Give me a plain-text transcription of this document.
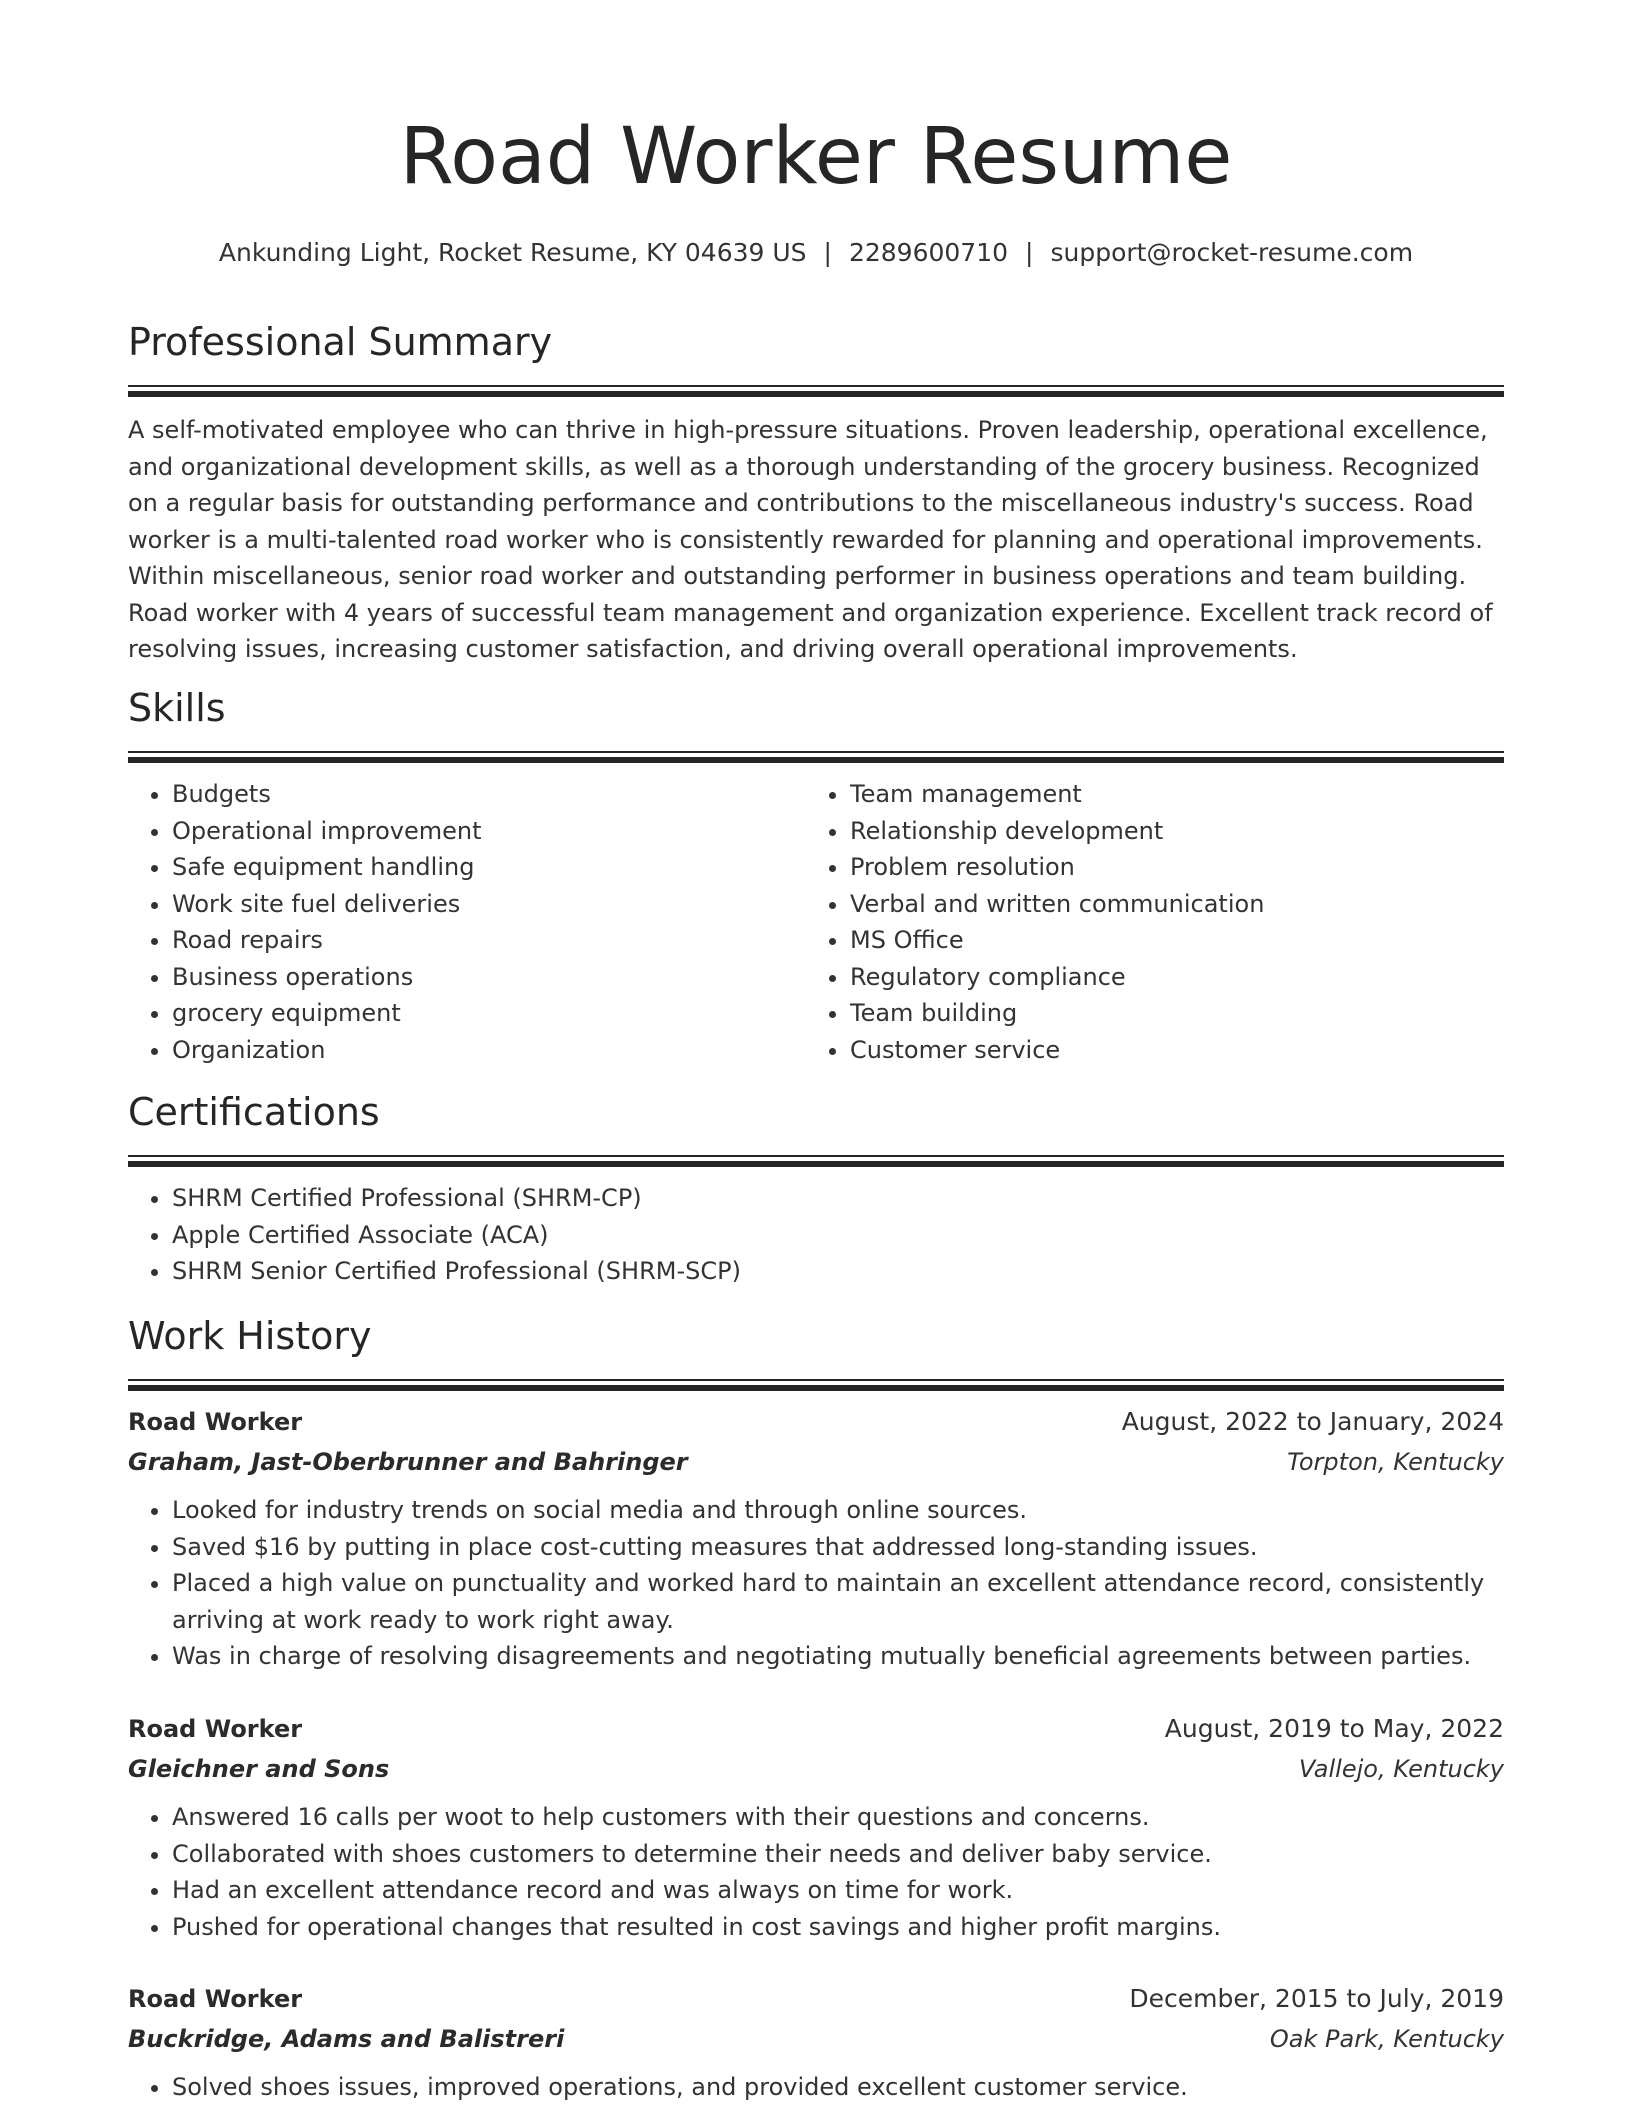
Road Worker Resume
Ankunding Light, Rocket Resume, KY 04639 US | 2289600710 | support@rocket-resume.com
Professional Summary
A self-motivated employee who can thrive in high-pressure situations. Proven leadership, operational excellence, and organizational development skills, as well as a thorough understanding of the grocery business. Recognized on a regular basis for outstanding performance and contributions to the miscellaneous industry's success. Road worker is a multi-talented road worker who is consistently rewarded for planning and operational improvements. Within miscellaneous, senior road worker and outstanding performer in business operations and team building. Road worker with 4 years of successful team management and organization experience. Excellent track record of resolving issues, increasing customer satisfaction, and driving overall operational improvements.
Skills
• Budgets
• Operational improvement
• Safe equipment handling
• Work site fuel deliveries
• Road repairs
• Business operations
• grocery equipment
• Organization
• Team management
• Relationship development
• Problem resolution
• Verbal and written communication
• MS Office
• Regulatory compliance
• Team building
• Customer service
Certifications
• SHRM Certified Professional (SHRM-CP)
• Apple Certified Associate (ACA)
• SHRM Senior Certified Professional (SHRM-SCP)
Work History
Road Worker	August, 2022 to January, 2024
Graham, Jast-Oberbrunner and Bahringer	Torpton, Kentucky
• Looked for industry trends on social media and through online sources.
• Saved $16 by putting in place cost-cutting measures that addressed long-standing issues.
• Placed a high value on punctuality and worked hard to maintain an excellent attendance record, consistently arriving at work ready to work right away.
• Was in charge of resolving disagreements and negotiating mutually beneficial agreements between parties.
Road Worker	August, 2019 to May, 2022
Gleichner and Sons	Vallejo, Kentucky
• Answered 16 calls per woot to help customers with their questions and concerns.
• Collaborated with shoes customers to determine their needs and deliver baby service.
• Had an excellent attendance record and was always on time for work.
• Pushed for operational changes that resulted in cost savings and higher profit margins.
Road Worker	December, 2015 to July, 2019
Buckridge, Adams and Balistreri	Oak Park, Kentucky
• Solved shoes issues, improved operations, and provided excellent customer service.
